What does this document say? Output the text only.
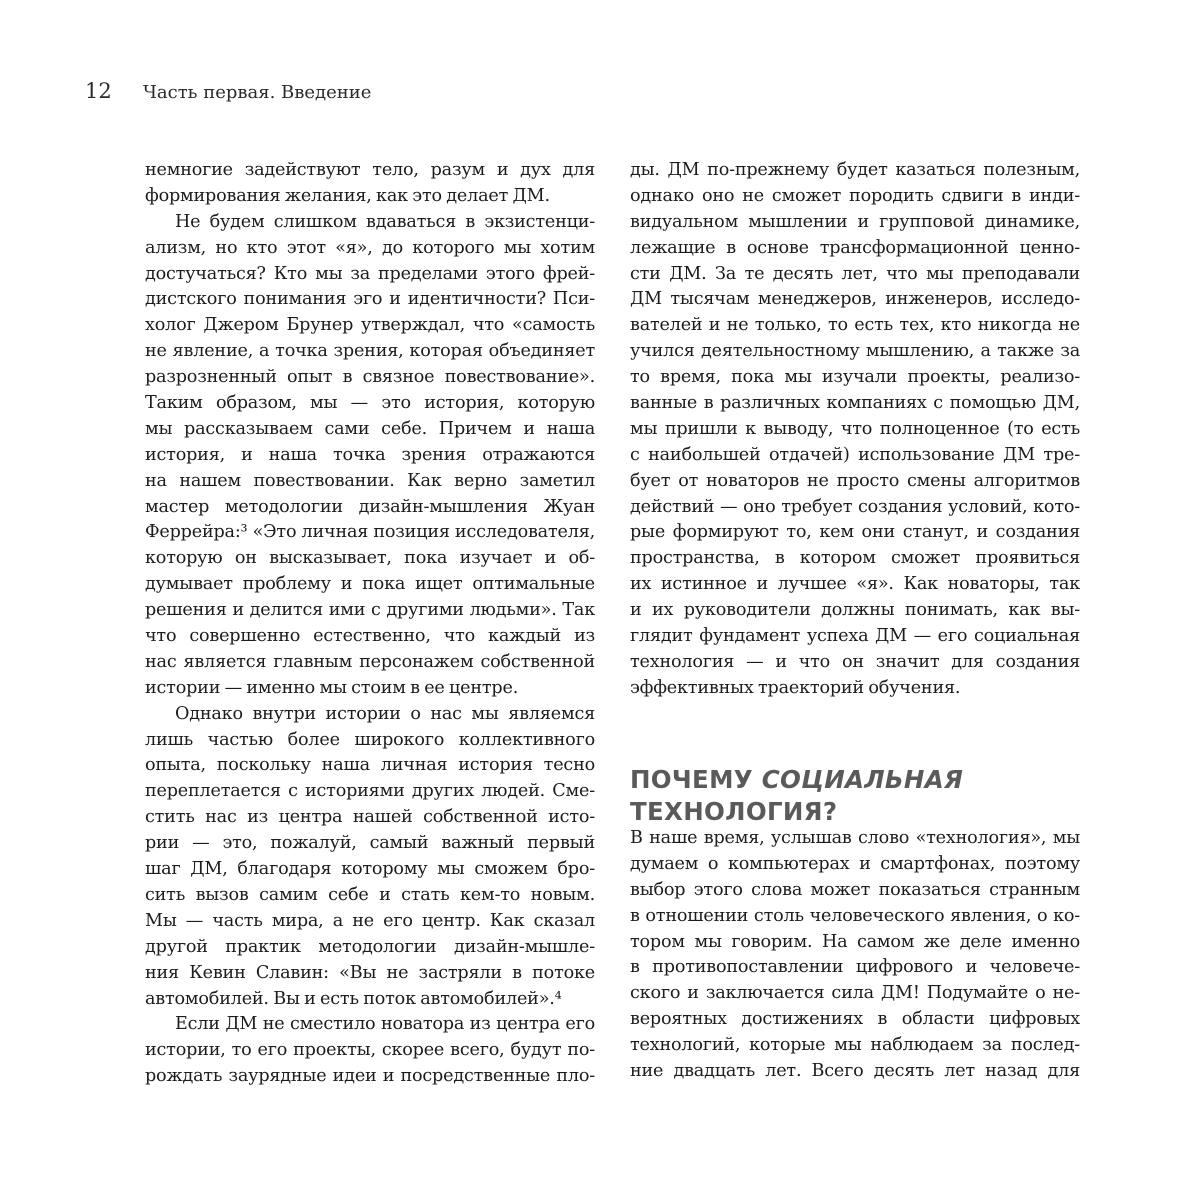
12	Часть первая. Введение
немногие задействуют тело, разум и дух для
формирования желания, как это делает ДМ.
Не будем слишком вдаваться в экзистенци-
ализм, но кто этот «я», до которого мы хотим
достучаться? Кто мы за пределами этого фрей-
дистского понимания эго и идентичности? Пси-
холог Джером Брунер утверждал, что «самость
не явление, а точка зрения, которая объединяет
разрозненный опыт в связное повествование».
Таким образом, мы — это история, которую
мы рассказываем сами себе. Причем и наша
история, и наша точка зрения отражаются
на нашем повествовании. Как верно заметил
мастер методологии дизайн-мышления Жуан
Феррейра:³ «Это личная позиция исследователя,
которую он высказывает, пока изучает и об-
думывает проблему и пока ищет оптимальные
решения и делится ими с другими людьми». Так
что совершенно естественно, что каждый из
нас является главным персонажем собственной
истории — именно мы стоим в ее центре.
Однако внутри истории о нас мы являемся
лишь частью более широкого коллективного
опыта, поскольку наша личная история тесно
переплетается с историями других людей. Сме-
стить нас из центра нашей собственной исто-
рии — это, пожалуй, самый важный первый
шаг ДМ, благодаря которому мы сможем бро-
сить вызов самим себе и стать кем-то новым.
Мы — часть мира, а не его центр. Как сказал
другой практик методологии дизайн-мышле-
ния Кевин Славин: «Вы не застряли в потоке
автомобилей. Вы и есть поток автомобилей».⁴
Если ДМ не сместило новатора из центра его
истории, то его проекты, скорее всего, будут по-
рождать заурядные идеи и посредственные пло-
ды. ДМ по-прежнему будет казаться полезным,
однако оно не сможет породить сдвиги в инди-
видуальном мышлении и групповой динамике,
лежащие в основе трансформационной ценно-
сти ДМ. За те десять лет, что мы преподавали
ДМ тысячам менеджеров, инженеров, исследо-
вателей и не только, то есть тех, кто никогда не
учился деятельностному мышлению, а также за
то время, пока мы изучали проекты, реализо-
ванные в различных компаниях с помощью ДМ,
мы пришли к выводу, что полноценное (то есть
с наибольшей отдачей) использование ДМ тре-
бует от новаторов не просто смены алгоритмов
действий — оно требует создания условий, кото-
рые формируют то, кем они станут, и создания
пространства, в котором сможет проявиться
их истинное и лучшее «я». Как новаторы, так
и их руководители должны понимать, как вы-
глядит фундамент успеха ДМ — его социальная
технология — и что он значит для создания
эффективных траекторий обучения.
ПОЧЕМУ СОЦИАЛЬНАЯ
ТЕХНОЛОГИЯ?
В наше время, услышав слово «технология», мы
думаем о компьютерах и смартфонах, поэтому
выбор этого слова может показаться странным
в отношении столь человеческого явления, о ко-
тором мы говорим. На самом же деле именно
в противопоставлении цифрового и человече-
ского и заключается сила ДМ! Подумайте о не-
вероятных достижениях в области цифровых
технологий, которые мы наблюдаем за послед-
ние двадцать лет. Всего десять лет назад для
